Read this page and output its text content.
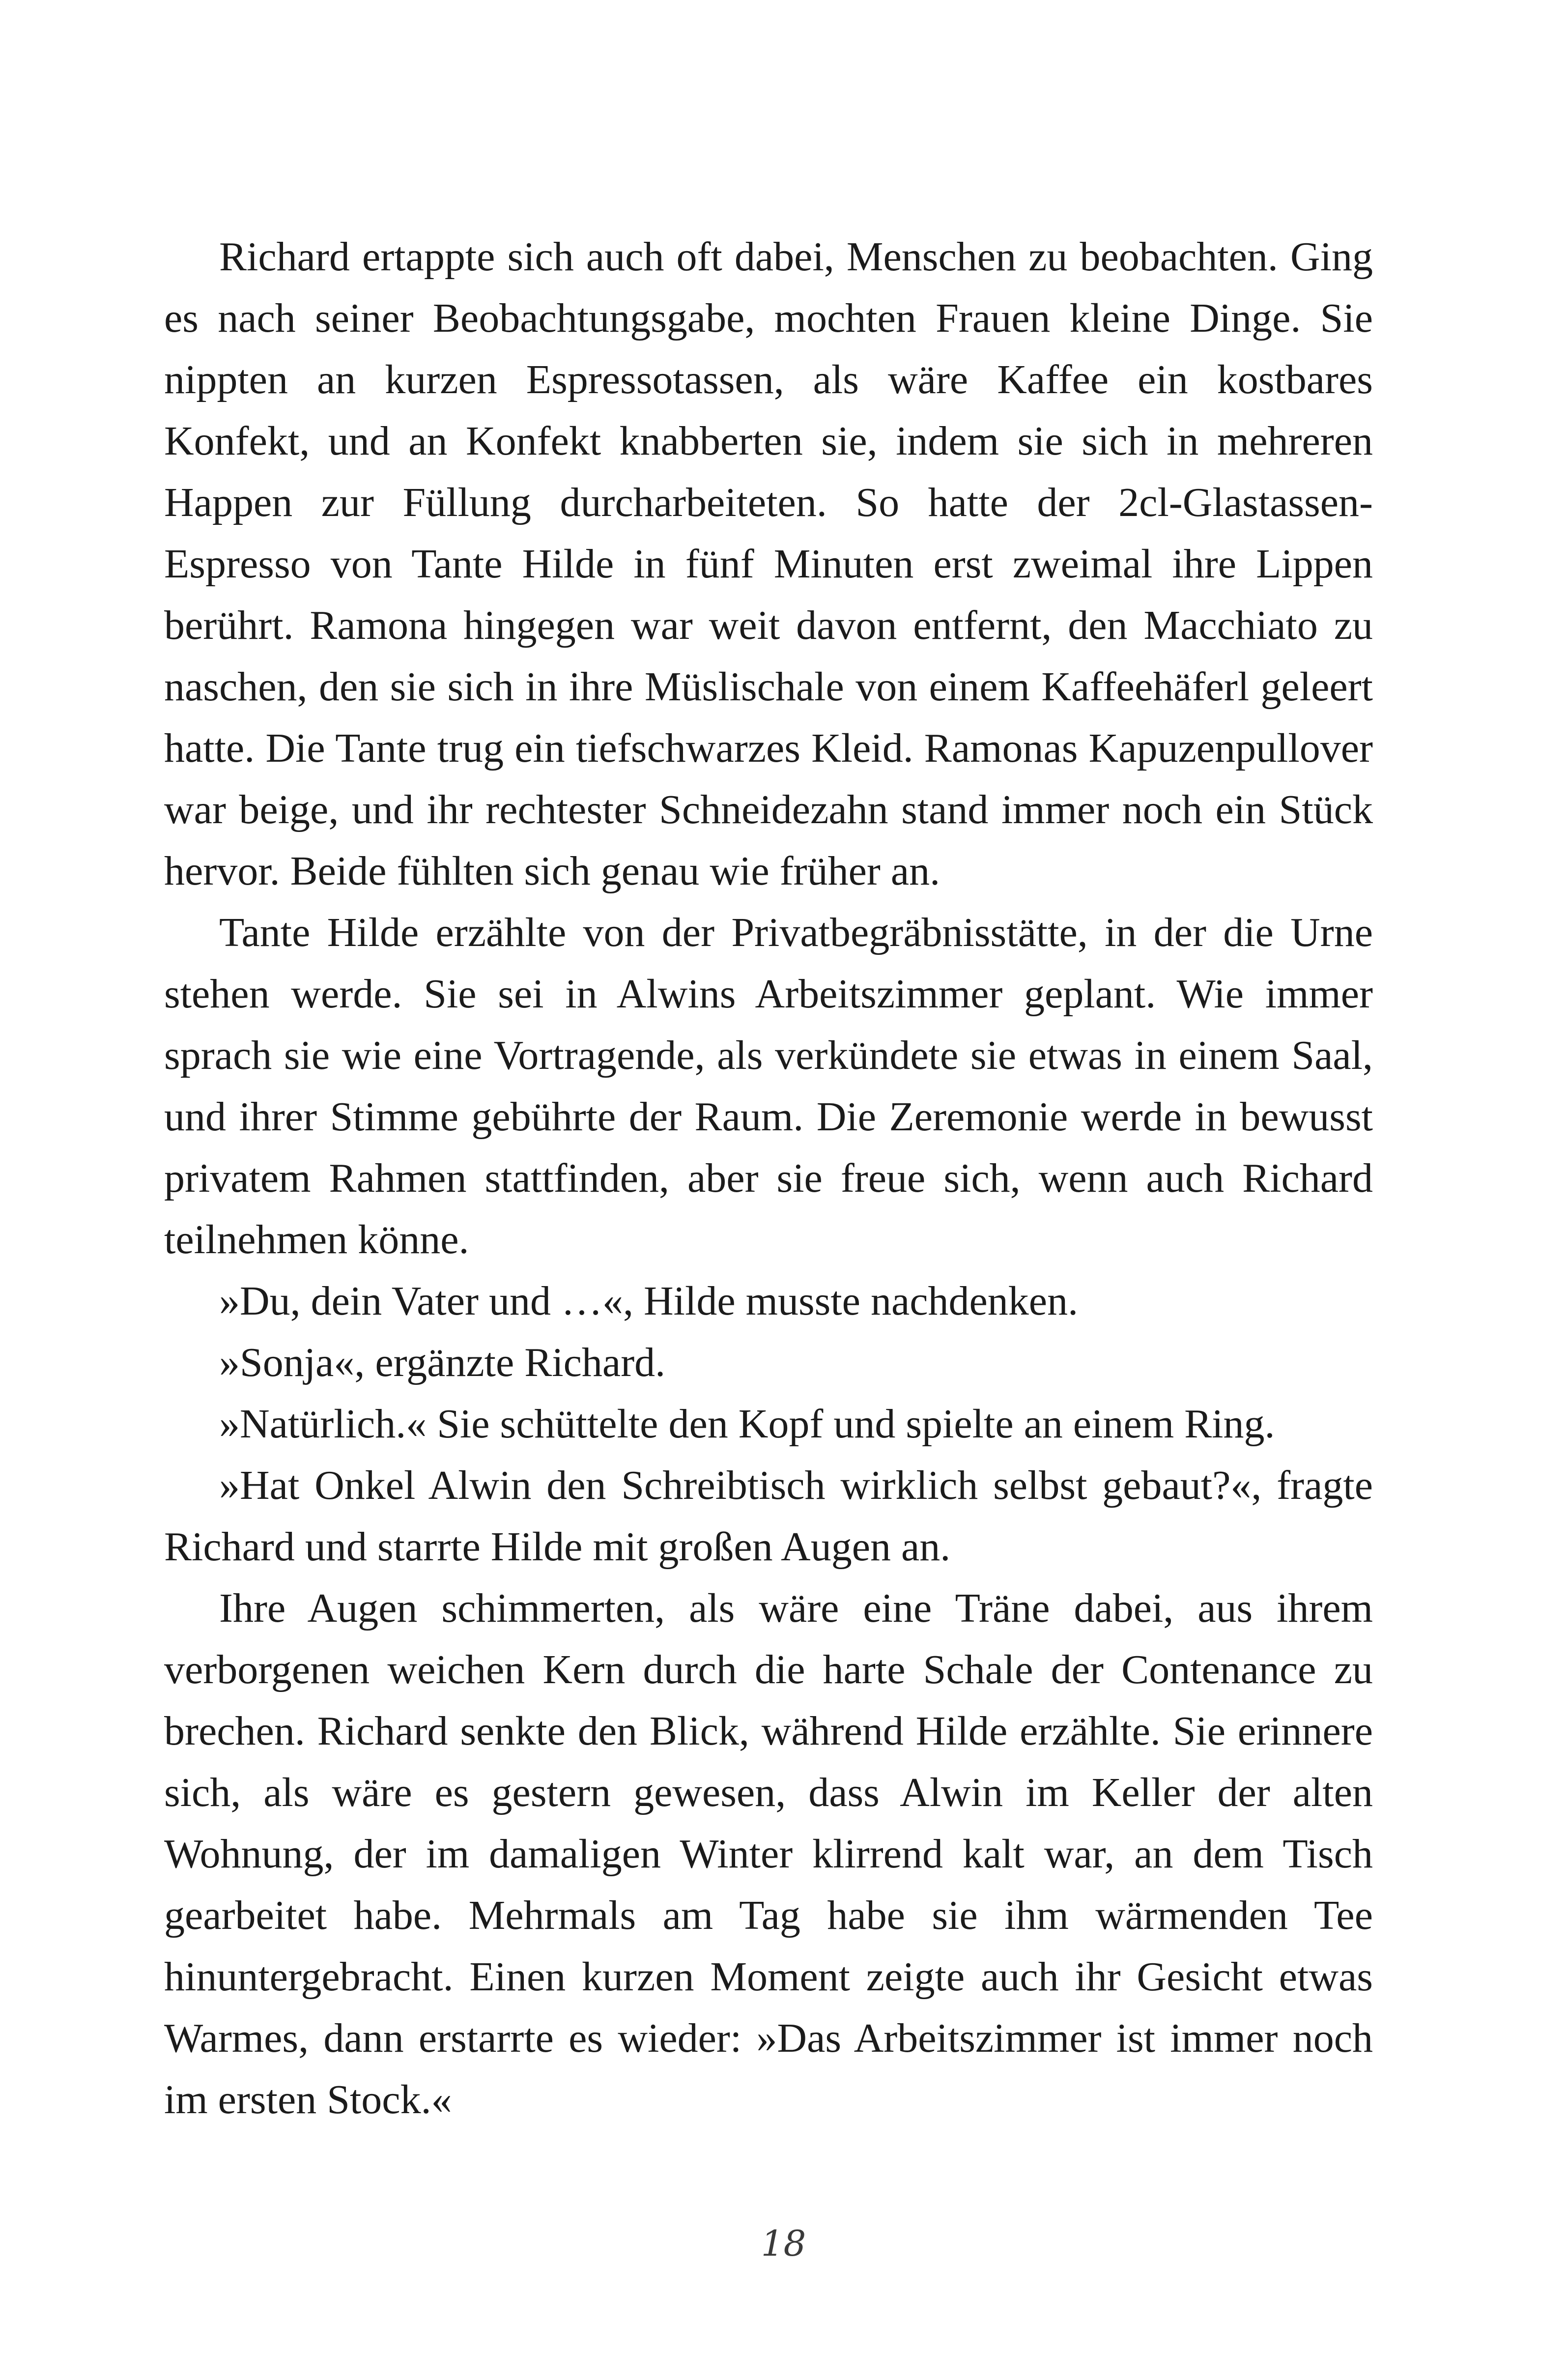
Richard ertappte sich auch oft dabei, Menschen zu beobachten. Ging es nach seiner Beobachtungsgabe, mochten Frauen kleine Dinge. Sie nippten an kurzen Espressotassen, als wäre Kaffee ein kostbares Konfekt, und an Konfekt knabberten sie, indem sie sich in mehreren Happen zur Füllung durcharbeiteten. So hatte der 2cl-Glastassen-Espresso von Tante Hilde in fünf Minuten erst zweimal ihre Lippen berührt. Ramona hingegen war weit davon entfernt, den Macchiato zu naschen, den sie sich in ihre Müslischale von einem Kaffeehäferl geleert hatte. Die Tante trug ein tiefschwarzes Kleid. Ramonas Kapuzenpullover war beige, und ihr rechtester Schneidezahn stand immer noch ein Stück hervor. Beide fühlten sich genau wie früher an.

Tante Hilde erzählte von der Privatbegräbnisstätte, in der die Urne stehen werde. Sie sei in Alwins Arbeitszimmer geplant. Wie immer sprach sie wie eine Vortragende, als verkündete sie etwas in einem Saal, und ihrer Stimme gebührte der Raum. Die Zeremonie werde in bewusst privatem Rahmen stattfinden, aber sie freue sich, wenn auch Richard teilnehmen könne.

»Du, dein Vater und …«, Hilde musste nachdenken.

»Sonja«, ergänzte Richard.

»Natürlich.« Sie schüttelte den Kopf und spielte an einem Ring.

»Hat Onkel Alwin den Schreibtisch wirklich selbst gebaut?«, fragte Richard und starrte Hilde mit großen Augen an.

Ihre Augen schimmerten, als wäre eine Träne dabei, aus ihrem verborgenen weichen Kern durch die harte Schale der Contenance zu brechen. Richard senkte den Blick, während Hilde erzählte. Sie erinnere sich, als wäre es gestern gewesen, dass Alwin im Keller der alten Wohnung, der im damaligen Winter klirrend kalt war, an dem Tisch gearbeitet habe. Mehrmals am Tag habe sie ihm wärmenden Tee hinuntergebracht. Einen kurzen Moment zeigte auch ihr Gesicht etwas Warmes, dann erstarrte es wieder: »Das Arbeitszimmer ist immer noch im ersten Stock.«

18
